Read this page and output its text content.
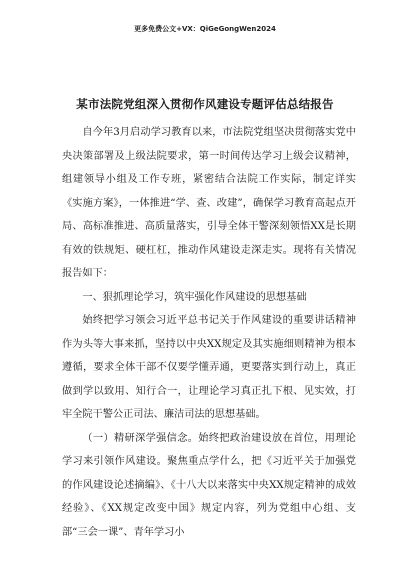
更多免费公文+VX：QiGeGongWen2024
某市法院党组深入贯彻作风建设专题评估总结报告

自今年3月启动学习教育以来，市法院党组坚决贯彻落实党中央决策部署及上级法院要求，第一时间传达学习上级会议精神，组建领导小组及工作专班，紧密结合法院工作实际，制定详实《实施方案》，一体推进“学、查、改建”，确保学习教育高起点开局、高标准推进、高质量落实，引导全体干警深刻领悟XX是长期有效的铁规矩、硬杠杠，推动作风建设走深走实。现将有关情况报告如下：

一、狠抓理论学习，筑牢强化作风建设的思想基础

始终把学习领会习近平总书记关于作风建设的重要讲话精神作为头等大事来抓，坚持以中央XX规定及其实施细则精神为根本遵循，要求全体干部不仅要学懂弄通，更要落实到行动上，真正做到学以致用、知行合一，让理论学习真正扎下根、见实效，打牢全院干警公正司法、廉洁司法的思想基础。

（一）精研深学强信念。始终把政治建设放在首位，用理论学习来引领作风建设。聚焦重点学什么，把《习近平关于加强党的作风建设论述摘编》、《十八大以来落实中央XX规定精神的成效经验》、《XX规定改变中国》规定内容，列为党组中心组、支部“三会一课”、青年学习小
